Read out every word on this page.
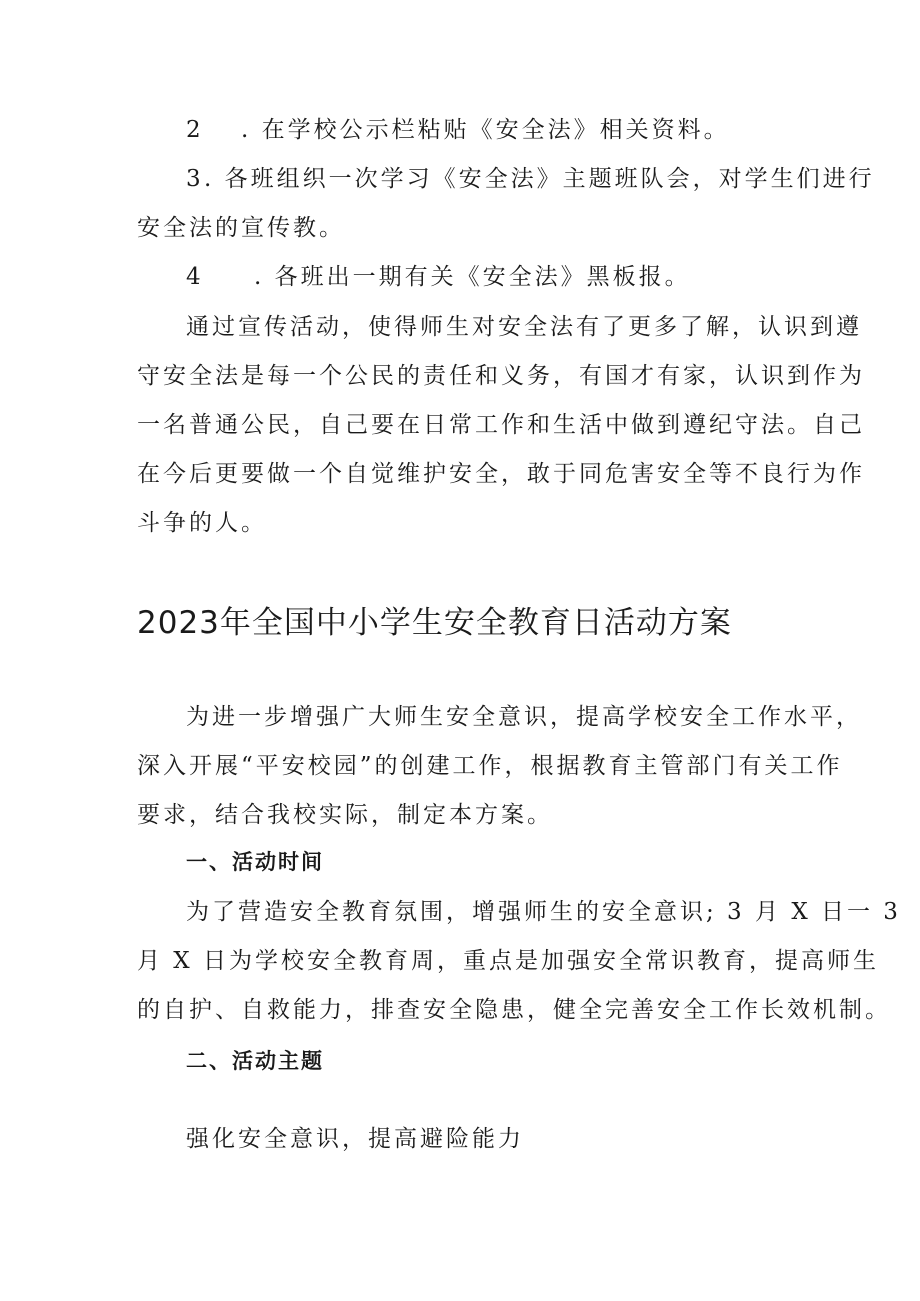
2 . 在学校公示栏粘贴《安全法》相关资料。
3. 各班组织一次学习《安全法》主题班队会，对学生们进行
安全法的宣传教。
4 . 各班出一期有关《安全法》黑板报。
通过宣传活动，使得师生对安全法有了更多了解，认识到遵
守安全法是每一个公民的责任和义务，有国才有家，认识到作为
一名普通公民，自己要在日常工作和生活中做到遵纪守法。自己
在今后更要做一个自觉维护安全，敢于同危害安全等不良行为作
斗争的人。
2023年全国中小学生安全教育日活动方案
为进一步增强广大师生安全意识，提高学校安全工作水平，
深入开展“平安校园”的创建工作，根据教育主管部门有关工作
要求，结合我校实际，制定本方案。
一、活动时间
为了营造安全教育氛围，增强师生的安全意识; 3 月 X 日一 3
月 X 日为学校安全教育周，重点是加强安全常识教育，提高师生
的自护、自救能力，排查安全隐患，健全完善安全工作长效机制。
二、活动主题
强化安全意识，提高避险能力
